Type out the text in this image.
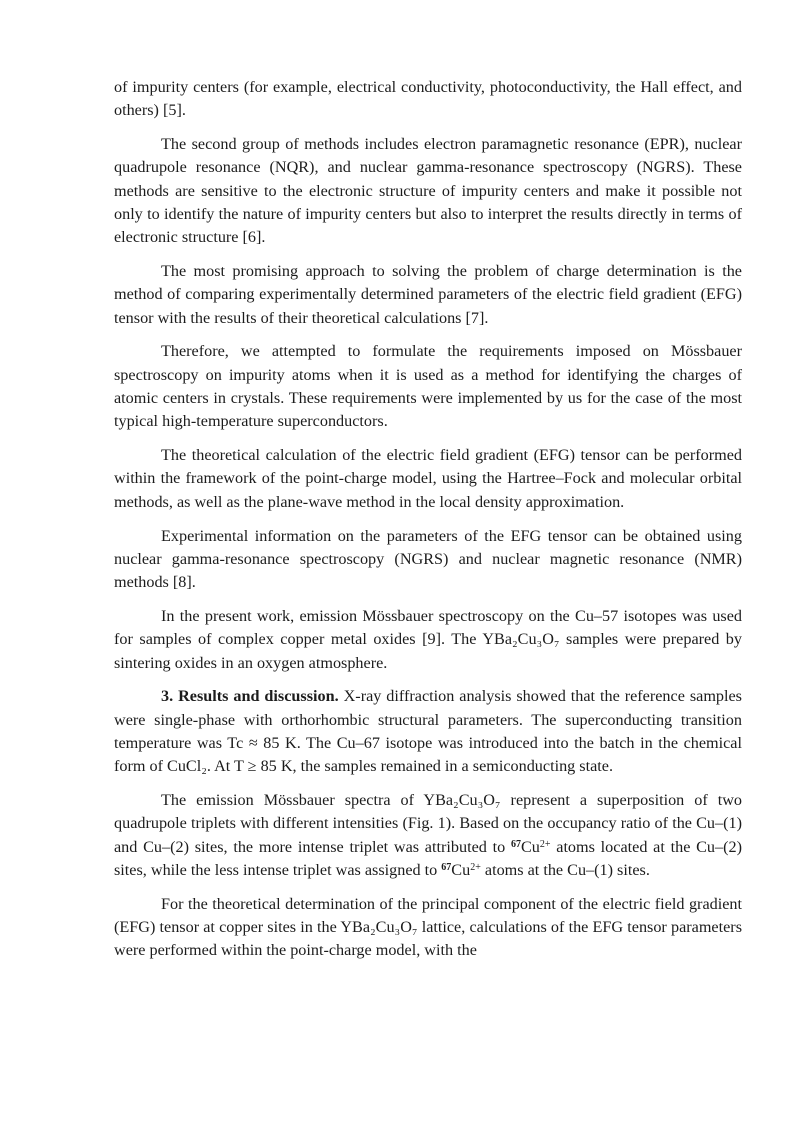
of impurity centers (for example, electrical conductivity, photoconductivity, the Hall effect, and others) [5].

The second group of methods includes electron paramagnetic resonance (EPR), nuclear quadrupole resonance (NQR), and nuclear gamma-resonance spectroscopy (NGRS). These methods are sensitive to the electronic structure of impurity centers and make it possible not only to identify the nature of impurity centers but also to interpret the results directly in terms of electronic structure [6].

The most promising approach to solving the problem of charge determination is the method of comparing experimentally determined parameters of the electric field gradient (EFG) tensor with the results of their theoretical calculations [7].

Therefore, we attempted to formulate the requirements imposed on Mössbauer spectroscopy on impurity atoms when it is used as a method for identifying the charges of atomic centers in crystals. These requirements were implemented by us for the case of the most typical high-temperature superconductors.

The theoretical calculation of the electric field gradient (EFG) tensor can be performed within the framework of the point-charge model, using the Hartree–Fock and molecular orbital methods, as well as the plane-wave method in the local density approximation.

Experimental information on the parameters of the EFG tensor can be obtained using nuclear gamma-resonance spectroscopy (NGRS) and nuclear magnetic resonance (NMR) methods [8].

In the present work, emission Mössbauer spectroscopy on the Cu–57 isotopes was used for samples of complex copper metal oxides [9]. The YBa₂Cu₃O₇ samples were prepared by sintering oxides in an oxygen atmosphere.

3. Results and discussion. X-ray diffraction analysis showed that the reference samples were single-phase with orthorhombic structural parameters. The superconducting transition temperature was Tc ≈ 85 K. The Cu–67 isotope was introduced into the batch in the chemical form of CuCl₂. At T ≥ 85 K, the samples remained in a semiconducting state.

The emission Mössbauer spectra of YBa₂Cu₃O₇ represent a superposition of two quadrupole triplets with different intensities (Fig. 1). Based on the occupancy ratio of the Cu–(1) and Cu–(2) sites, the more intense triplet was attributed to $^{67}Cu^{2+}$ atoms located at the Cu–(2) sites, while the less intense triplet was assigned to $^{67}Cu^{2+}$ atoms at the Cu–(1) sites.

For the theoretical determination of the principal component of the electric field gradient (EFG) tensor at copper sites in the YBa₂Cu₃O₇ lattice, calculations of the EFG tensor parameters were performed within the point-charge model, with the
